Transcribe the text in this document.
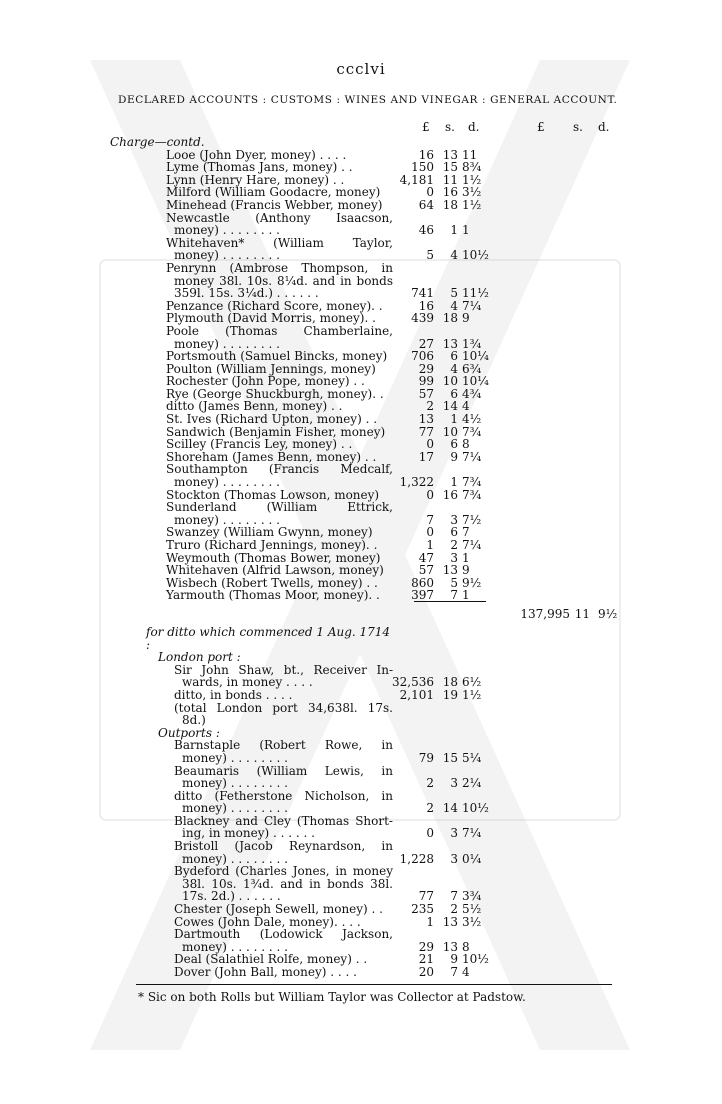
ccclvi
DECLARED ACCOUNTS : CUSTOMS : WINES AND VINEGAR : GENERAL ACCOUNT.
£ s. d.	£ s. d.
Charge—contd.
Looe (John Dyer, money) . . . .	16 13 11
Lyme (Thomas Jans, money) . .	150 15 8¾
Lynn (Henry Hare, money) . .	4,181 11 1½
Milford (William Goodacre, money)	0 16 3½
Minehead (Francis Webber, money)	64 18 1½
Newcastle (Anthony Isaacson,
money) . . . . . . . .	46	1 1
Whitehaven* (William Taylor,
money) . . . . . . . .	5	4 10½
Penrynn (Ambrose Thompson, in
money 38l. 10s. 8¼d. and in bonds
359l. 15s. 3¼d.) . . . . . .	741	5 11½
Penzance (Richard Score, money). .	16	4 7¼
Plymouth (David Morris, money). .	439 18 9
Poole (Thomas Chamberlaine,
money) . . . . . . . .	27 13 1¾
Portsmouth (Samuel Bincks, money)	706	6 10¼
Poulton (William Jennings, money)	29	4 6¾
Rochester (John Pope, money) . .	99 10 10¼
Rye (George Shuckburgh, money). .	57	6 4¾
ditto (James Benn, money) . .	2 14 4
St. Ives (Richard Upton, money) . .	13	1 4½
Sandwich (Benjamin Fisher, money)	77 10 7¾
Scilley (Francis Ley, money) . .	0	6 8
Shoreham (James Benn, money) . .	17	9 7¼
Southampton (Francis Medcalf,
money) . . . . . . . .	1,322	1 7¾
Stockton (Thomas Lowson, money)	0 16 7¾
Sunderland (William Ettrick,
money) . . . . . . . .	7	3 7½
Swanzey (William Gwynn, money)	0	6 7
Truro (Richard Jennings, money). .	1	2 7¼
Weymouth (Thomas Bower, money)	47	3 1
Whitehaven (Alfrid Lawson, money)	57 13 9
Wisbech (Robert Twells, money) . .	860	5 9½
Yarmouth (Thomas Moor, money). .	397	7 1
137,995 11 9½
for ditto which commenced 1 Aug. 1714 :
London port :
Sir John Shaw, bt., Receiver In-
wards, in money . . . .	32,536 18 6½
ditto, in bonds . . . .	2,101 19 1½
(total London port 34,638l. 17s.
8d.)
Outports :
Barnstaple (Robert Rowe, in
money) . . . . . . . .	79 15 5¼
Beaumaris (William Lewis, in
money) . . . . . . . .	2	3 2¼
ditto (Fetherstone Nicholson, in
money) . . . . . . . .	2 14 10½
Blackney and Cley (Thomas Short-
ing, in money) . . . . . .	0	3 7¼
Bristoll (Jacob Reynardson, in
money) . . . . . . . .	1,228	3 0¼
Bydeford (Charles Jones, in money
38l. 10s. 1¾d. and in bonds 38l.
17s. 2d.) . . . . . .	77	7 3¾
Chester (Joseph Sewell, money) . .	235	2 5½
Cowes (John Dale, money). . . .	1 13 3½
Dartmouth (Lodowick Jackson,
money) . . . . . . . .	29 13 8
Deal (Salathiel Rolfe, money) . .	21	9 10½
Dover (John Ball, money) . . . .	20	7 4
* Sic on both Rolls but William Taylor was Collector at Padstow.
